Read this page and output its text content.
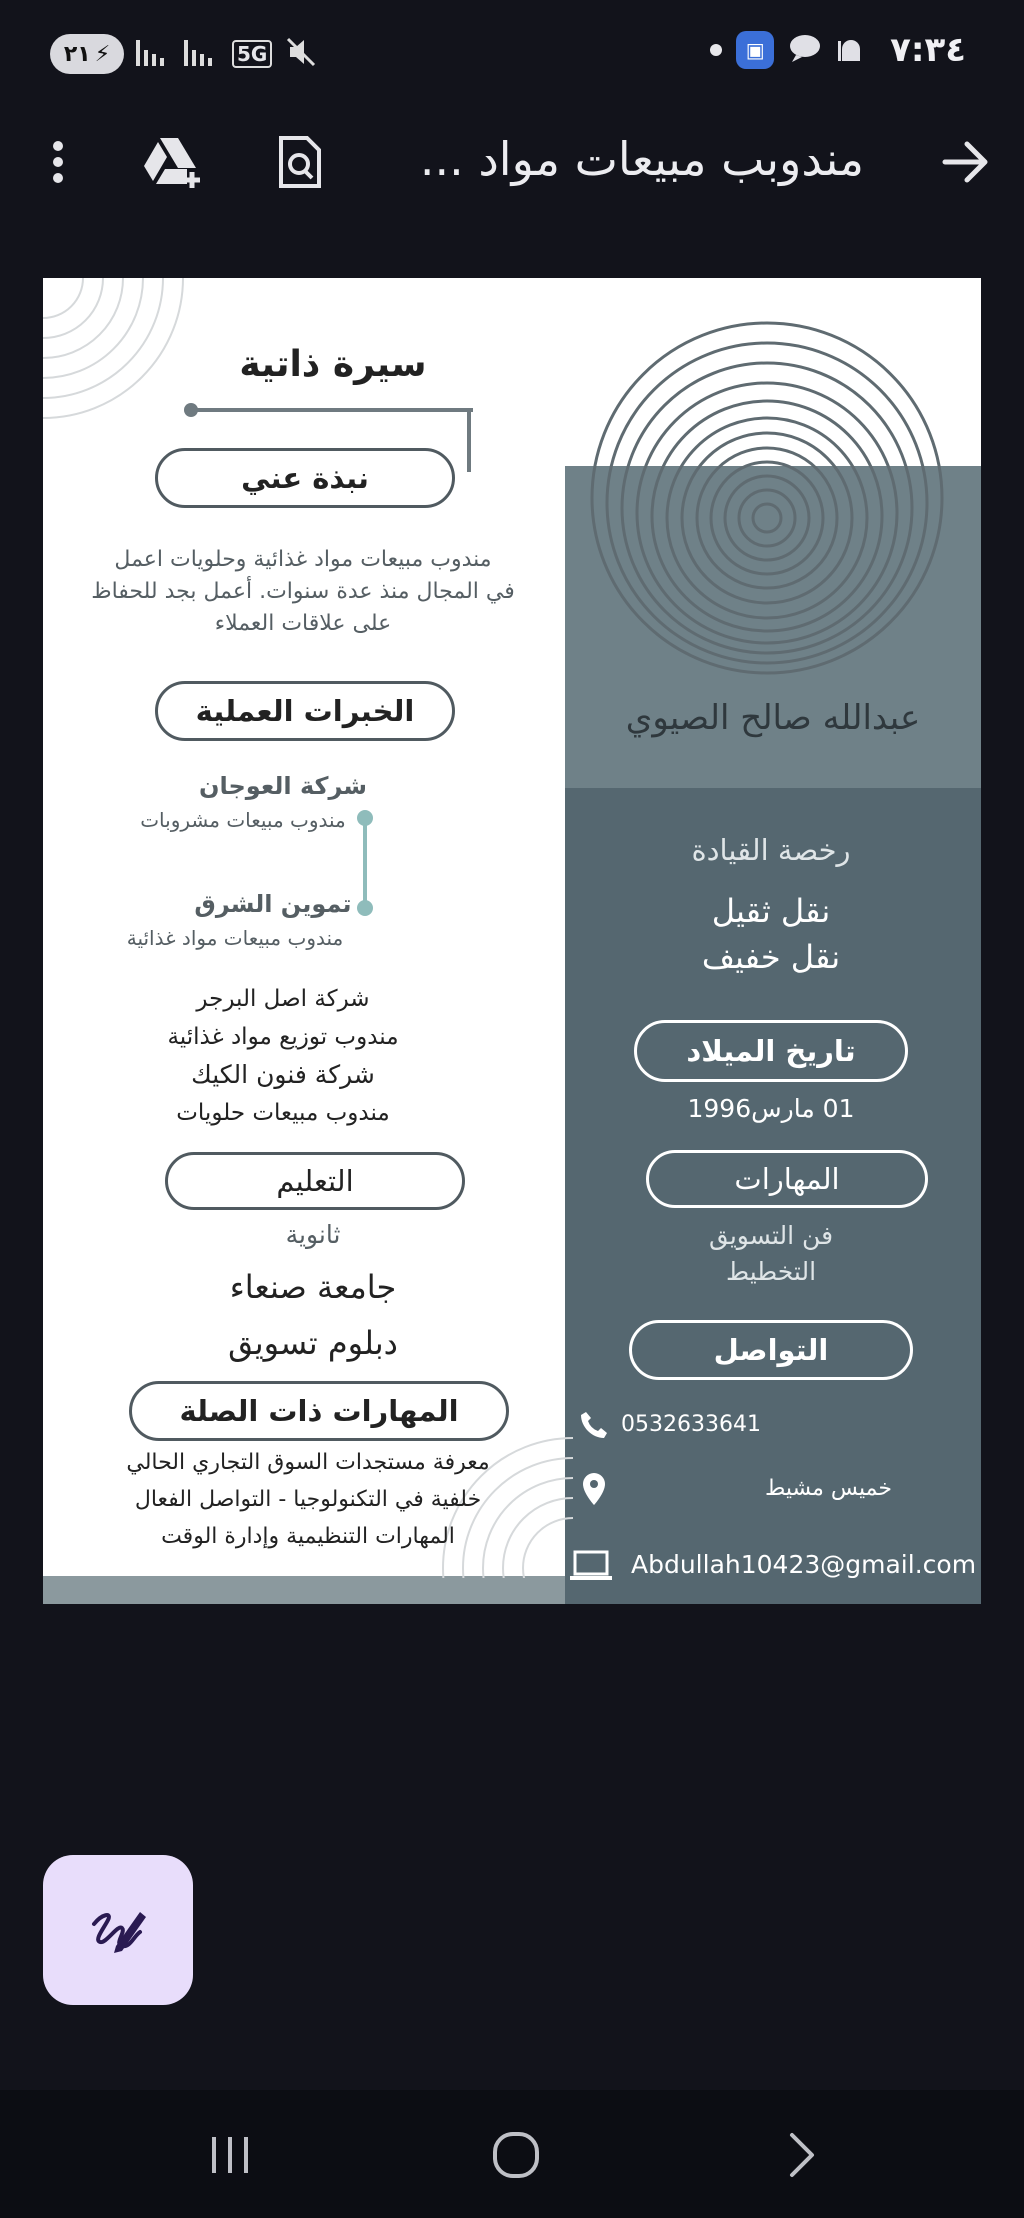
٢١ ⚡	5G	▣	٧:٣٤
مندوبب مبيعات مواد ...
سيرة ذاتية
نبذة عني
مندوب مبيعات مواد غذائية وحلويات اعمل
في المجال منذ عدة سنوات. أعمل بجد للحفاظ
على علاقات العملاء
الخبرات العملية
شركة العوجان
مندوب مبيعات مشروبات
تموين الشرق
مندوب مبيعات مواد غذائية
شركة اصل البرجر
مندوب توزيع مواد غذائية
شركة فنون الكيك
مندوب مبيعات حلويات
التعليم
ثانوية
جامعة صنعاء
دبلوم تسويق
المهارات ذات الصلة
معرفة مستجدات السوق التجاري الحالي
خلفية في التكنولوجيا - التواصل الفعال
المهارات التنظيمية وإدارة الوقت
عبدالله صالح الصيوي
رخصة القيادة
نقل ثقيل
نقل خفيف
تاريخ الميلاد
01 مارس1996
المهارات
فن التسويق
التخطيط
التواصل
0532633641
خميس مشيط
Abdullah10423@gmail.com
